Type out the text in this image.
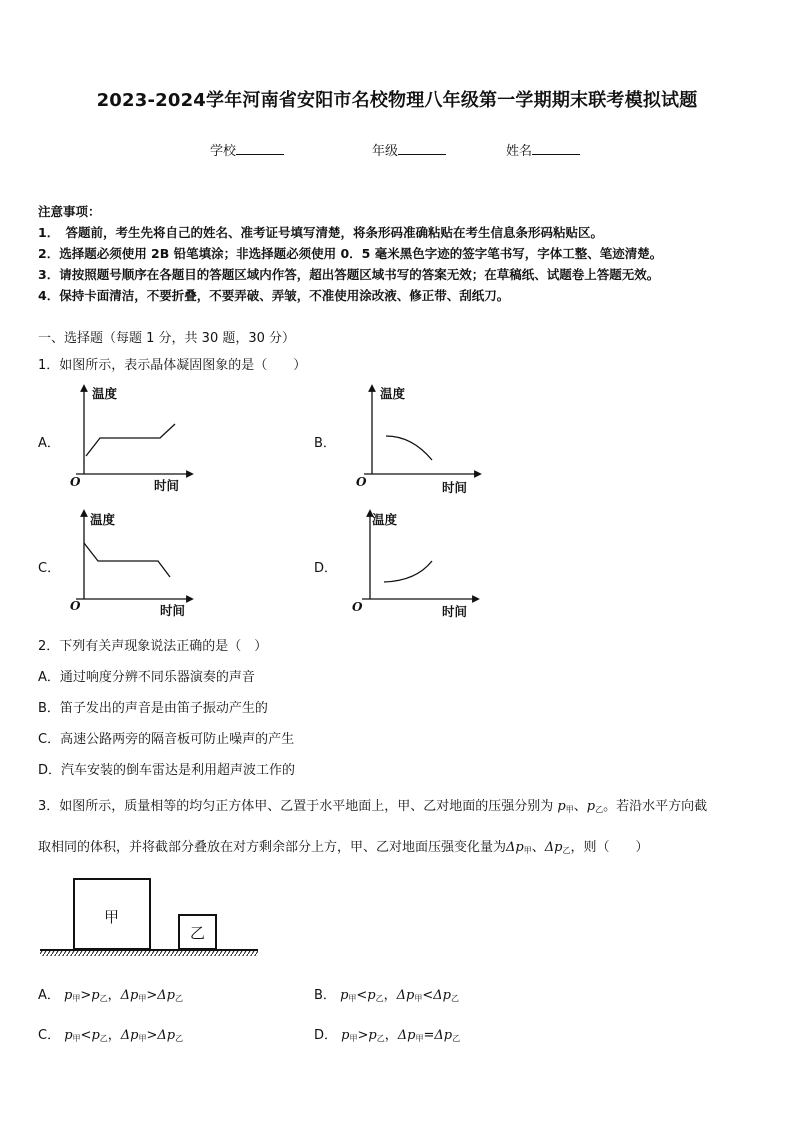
2023-2024学年河南省安阳市名校物理八年级第一学期期末联考模拟试题
学校	年级	姓名
注意事项：
1．　答题前，考生先将自己的姓名、准考证号填写清楚，将条形码准确粘贴在考生信息条形码粘贴区。
2．选择题必须使用 2B 铅笔填涂；非选择题必须使用 0．5 毫米黑色字迹的签字笔书写，字体工整、笔迹清楚。
3．请按照题号顺序在各题目的答题区域内作答，超出答题区域书写的答案无效；在草稿纸、试题卷上答题无效。
4．保持卡面清洁，不要折叠，不要弄破、弄皱，不准使用涂改液、修正带、刮纸刀。
一、选择题（每题 1 分，共 30 题，30 分）
1．如图所示，表示晶体凝固图象的是（　　）
A．	B．
C．	D．
温度
时间
O
温度
时间
O
温度
时间
O
温度
时间
O
2．下列有关声现象说法正确的是（　）
A．通过响度分辨不同乐器演奏的声音
B．笛子发出的声音是由笛子振动产生的
C．高速公路两旁的隔音板可防止噪声的产生
D．汽车安装的倒车雷达是利用超声波工作的
3．如图所示，质量相等的均匀正方体甲、乙置于水平地面上，甲、乙对地面的压强分别为 $p_甲$、$p_乙$。若沿水平方向截
取相同的体积，并将截部分叠放在对方剩余部分上方，甲、乙对地面压强变化量为$\Delta p_甲$、$\Delta p_乙$，则（　　）
甲
乙
A． $p_甲>p_乙$，$\Delta p_甲>\Delta p_乙$	B． $p_甲<p_乙$，$\Delta p_甲<\Delta p_乙$
C． $p_甲<p_乙$，$\Delta p_甲>\Delta p_乙$	D． $p_甲>p_乙$，$\Delta p_甲=\Delta p_乙$
